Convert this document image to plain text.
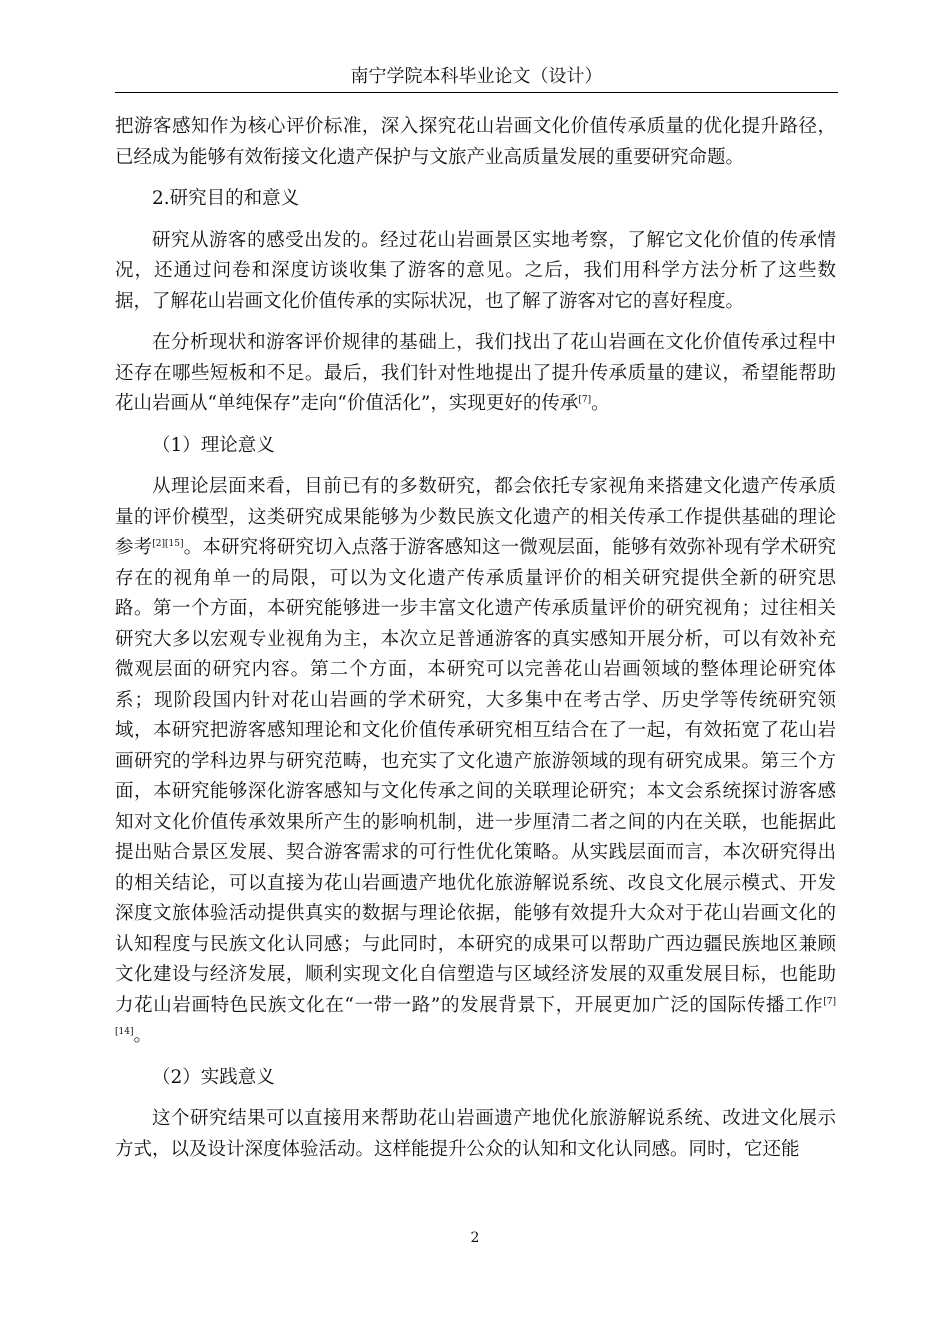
南宁学院本科毕业论文（设计）

把游客感知作为核心评价标准，深入探究花山岩画文化价值传承质量的优化提升路径，已经成为能够有效衔接文化遗产保护与文旅产业高质量发展的重要研究命题。

2.研究目的和意义

研究从游客的感受出发的。经过花山岩画景区实地考察，了解它文化价值的传承情况，还通过问卷和深度访谈收集了游客的意见。之后，我们用科学方法分析了这些数据，了解花山岩画文化价值传承的实际状况，也了解了游客对它的喜好程度。

在分析现状和游客评价规律的基础上，我们找出了花山岩画在文化价值传承过程中还存在哪些短板和不足。最后，我们针对性地提出了提升传承质量的建议，希望能帮助花山岩画从“单纯保存”走向“价值活化”，实现更好的传承[7]。

（1）理论意义

从理论层面来看，目前已有的多数研究，都会依托专家视角来搭建文化遗产传承质量的评价模型，这类研究成果能够为少数民族文化遗产的相关传承工作提供基础的理论参考[2][15]。本研究将研究切入点落于游客感知这一微观层面，能够有效弥补现有学术研究存在的视角单一的局限，可以为文化遗产传承质量评价的相关研究提供全新的研究思路。第一个方面，本研究能够进一步丰富文化遗产传承质量评价的研究视角；过往相关研究大多以宏观专业视角为主，本次立足普通游客的真实感知开展分析，可以有效补充微观层面的研究内容。第二个方面，本研究可以完善花山岩画领域的整体理论研究体系；现阶段国内针对花山岩画的学术研究，大多集中在考古学、历史学等传统研究领域，本研究把游客感知理论和文化价值传承研究相互结合在了一起，有效拓宽了花山岩画研究的学科边界与研究范畴，也充实了文化遗产旅游领域的现有研究成果。第三个方面，本研究能够深化游客感知与文化传承之间的关联理论研究；本文会系统探讨游客感知对文化价值传承效果所产生的影响机制，进一步厘清二者之间的内在关联，也能据此提出贴合景区发展、契合游客需求的可行性优化策略。从实践层面而言，本次研究得出的相关结论，可以直接为花山岩画遗产地优化旅游解说系统、改良文化展示模式、开发深度文旅体验活动提供真实的数据与理论依据，能够有效提升大众对于花山岩画文化的认知程度与民族文化认同感；与此同时，本研究的成果可以帮助广西边疆民族地区兼顾文化建设与经济发展，顺利实现文化自信塑造与区域经济发展的双重发展目标，也能助力花山岩画特色民族文化在“一带一路”的发展背景下，开展更加广泛的国际传播工作[7][14]。

（2）实践意义

这个研究结果可以直接用来帮助花山岩画遗产地优化旅游解说系统、改进文化展示方式，以及设计深度体验活动。这样能提升公众的认知和文化认同感。同时，它还能

2
